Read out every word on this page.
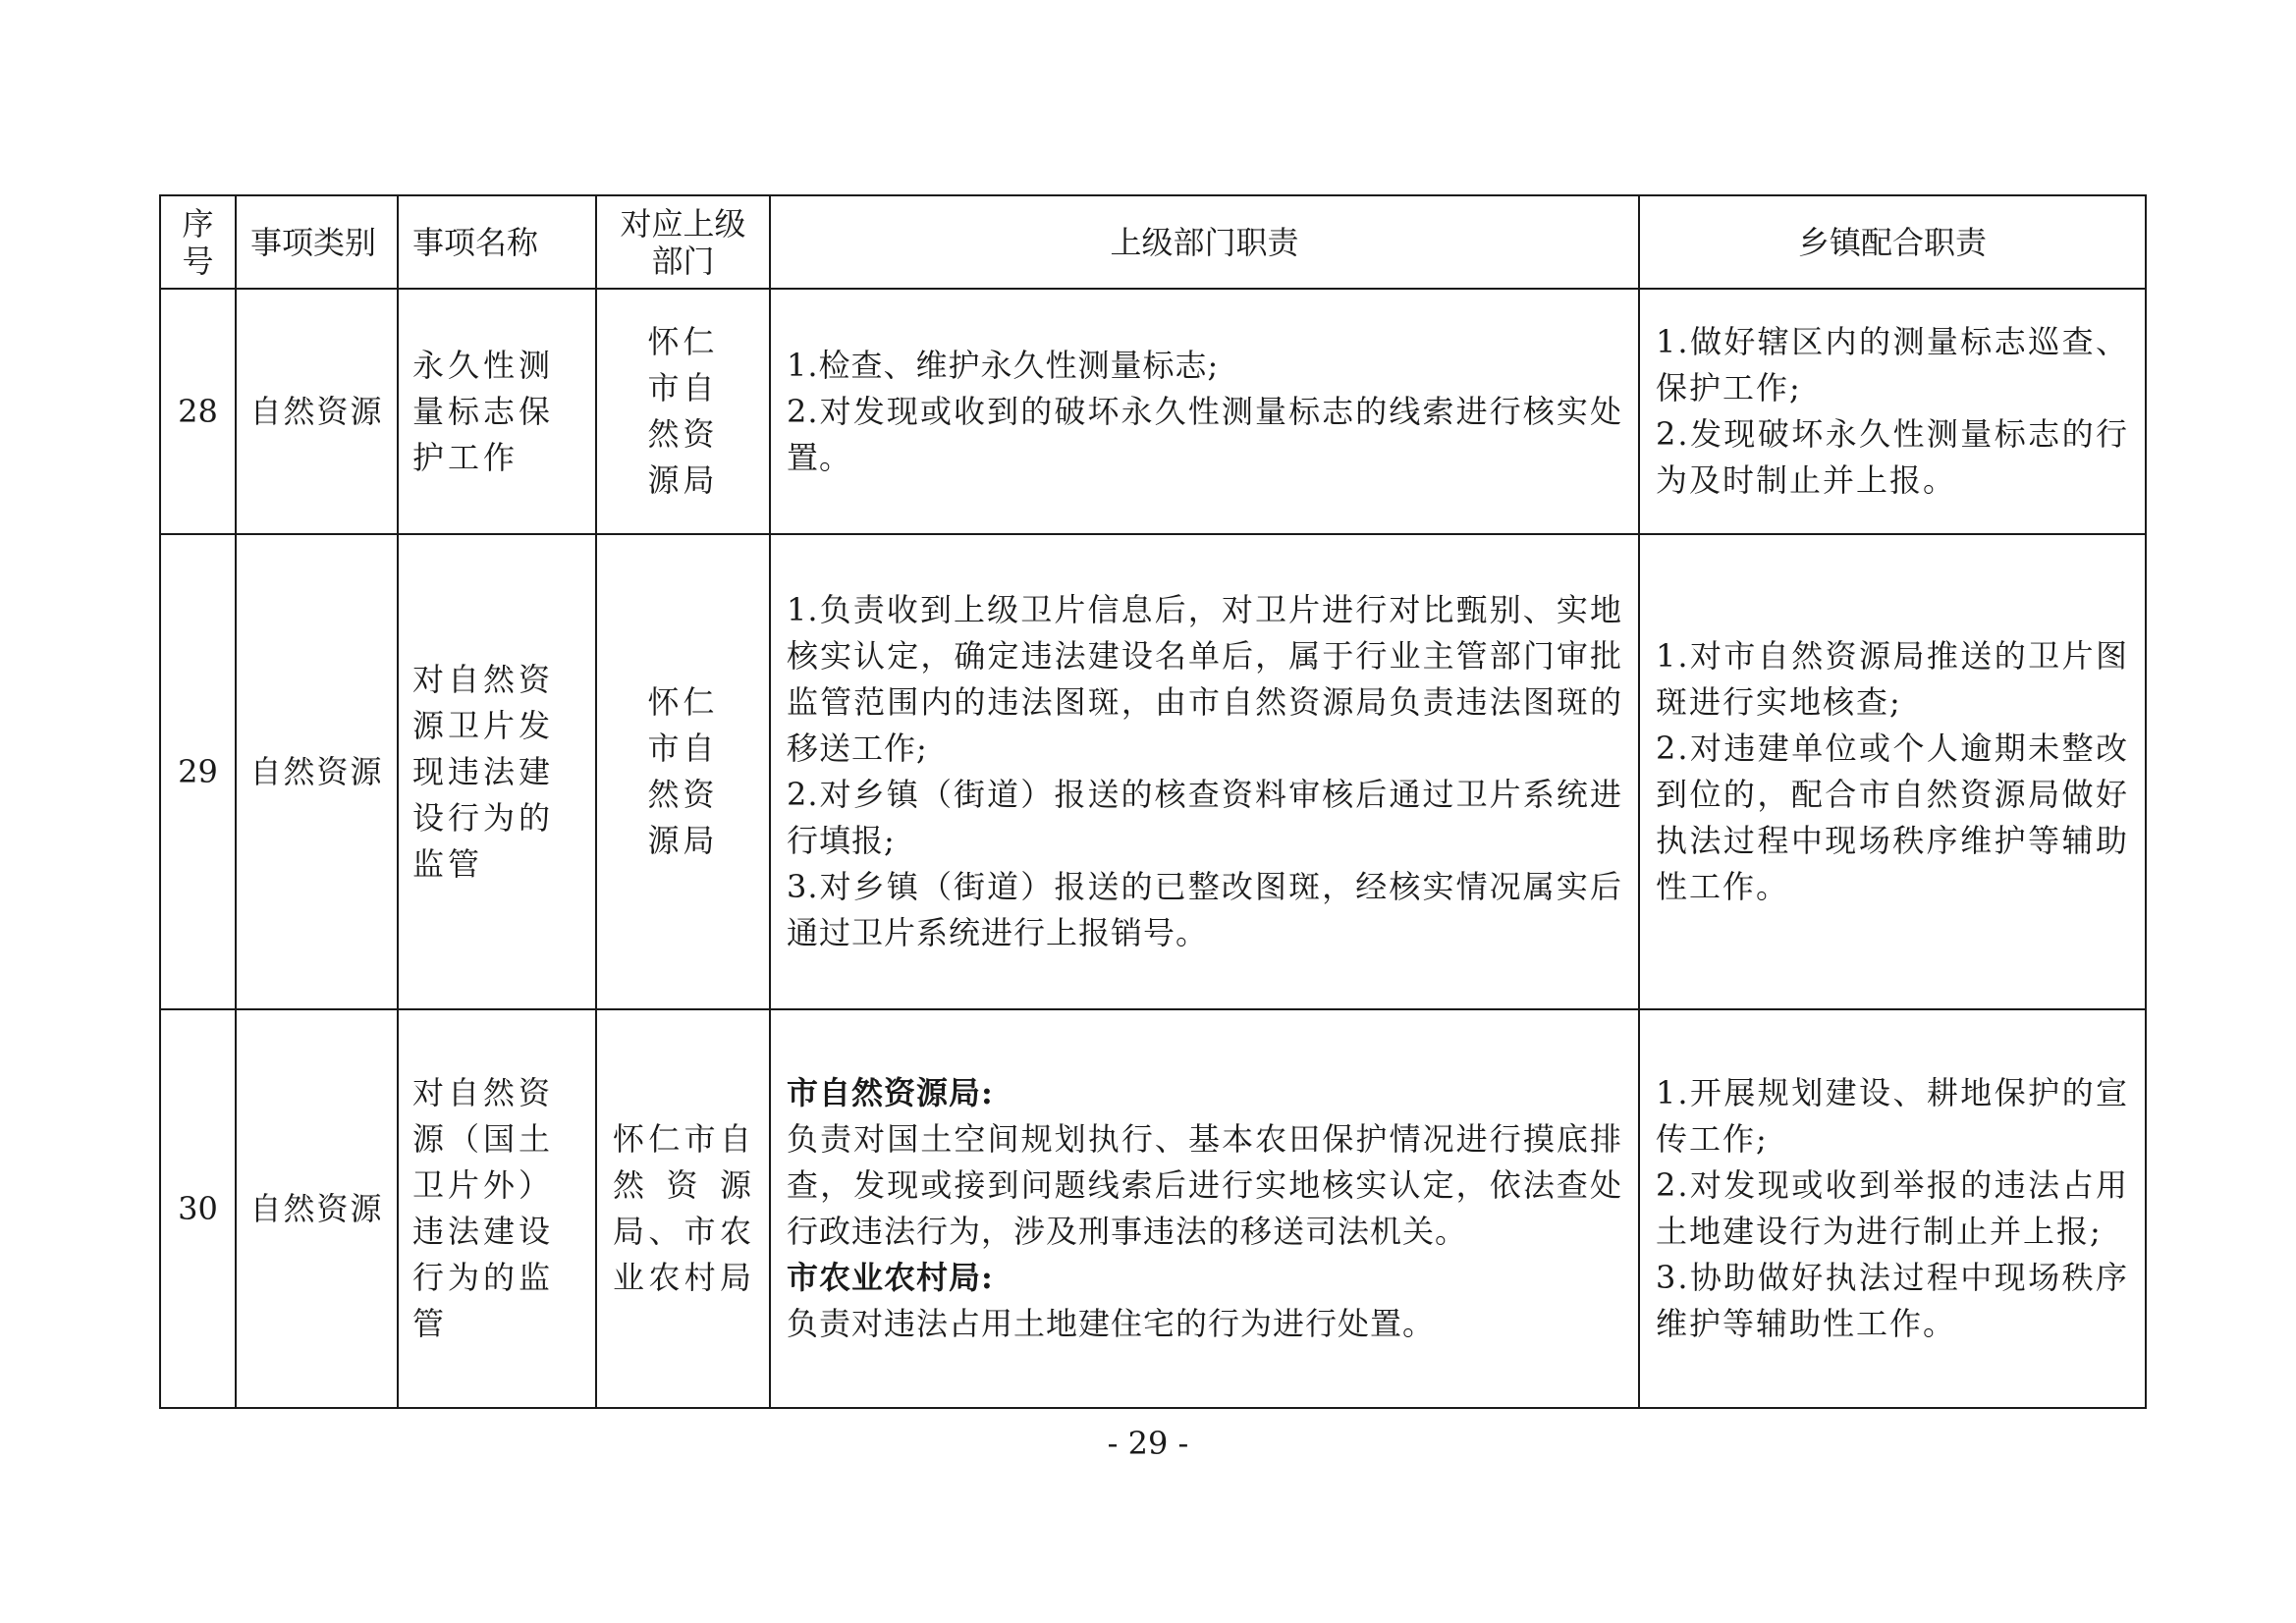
序号	事项类别	事项名称	对应上级部门	上级部门职责	乡镇配合职责
28	自然资源	永久性测量标志保护工作	怀仁市自然资源局	1.检查、维护永久性测量标志;
2.对发现或收到的破坏永久性测量标志的线索进行核实处置。	1.做好辖区内的测量标志巡查、保护工作;
2.发现破坏永久性测量标志的行为及时制止并上报。

29	自然资源	对自然资源卫片发现违法建设行为的监管	怀仁市自然资源局	1.负责收到上级卫片信息后，对卫片进行对比甄别、实地核实认定，确定违法建设名单后，属于行业主管部门审批监管范围内的违法图斑，由市自然资源局负责违法图斑的移送工作;
2.对乡镇（街道）报送的核查资料审核后通过卫片系统进行填报;
3.对乡镇（街道）报送的已整改图斑，经核实情况属实后通过卫片系统进行上报销号。	1.对市自然资源局推送的卫片图斑进行实地核查;
2.对违建单位或个人逾期未整改到位的，配合市自然资源局做好执法过程中现场秩序维护等辅助性工作。

30	自然资源	对自然资源（国土卫片外）违法建设行为的监管	怀仁市自然资源局、市农业农村局	市自然资源局:
负责对国土空间规划执行、基本农田保护情况进行摸底排查，发现或接到问题线索后进行实地核实认定，依法查处行政违法行为，涉及刑事违法的移送司法机关。
市农业农村局:
负责对违法占用土地建住宅的行为进行处置。	1.开展规划建设、耕地保护的宣传工作;
2.对发现或收到举报的违法占用土地建设行为进行制止并上报;
3.协助做好执法过程中现场秩序维护等辅助性工作。
- 29 -
